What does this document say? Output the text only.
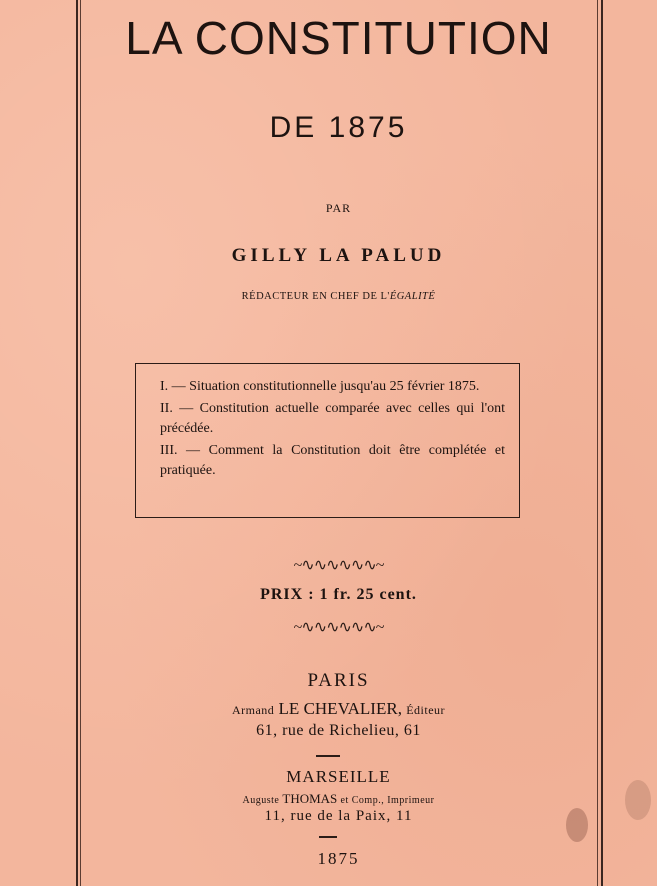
LA CONSTITUTION
DE 1875
PAR
GILLY LA PALUD
RÉDACTEUR EN CHEF DE L'ÉGALITÉ
I. — Situation constitutionnelle jusqu'au 25 février 1875.
II. — Constitution actuelle comparée avec celles qui l'ont précédée.
III. — Comment la Constitution doit être complétée et pratiquée.
~∿∿∿∿∿∿~
PRIX : 1 fr. 25 cent.
~∿∿∿∿∿∿~
PARIS
Armand LE CHEVALIER, Éditeur
61, rue de Richelieu, 61
MARSEILLE
Auguste THOMAS et Comp., Imprimeur
11, rue de la Paix, 11
1875
